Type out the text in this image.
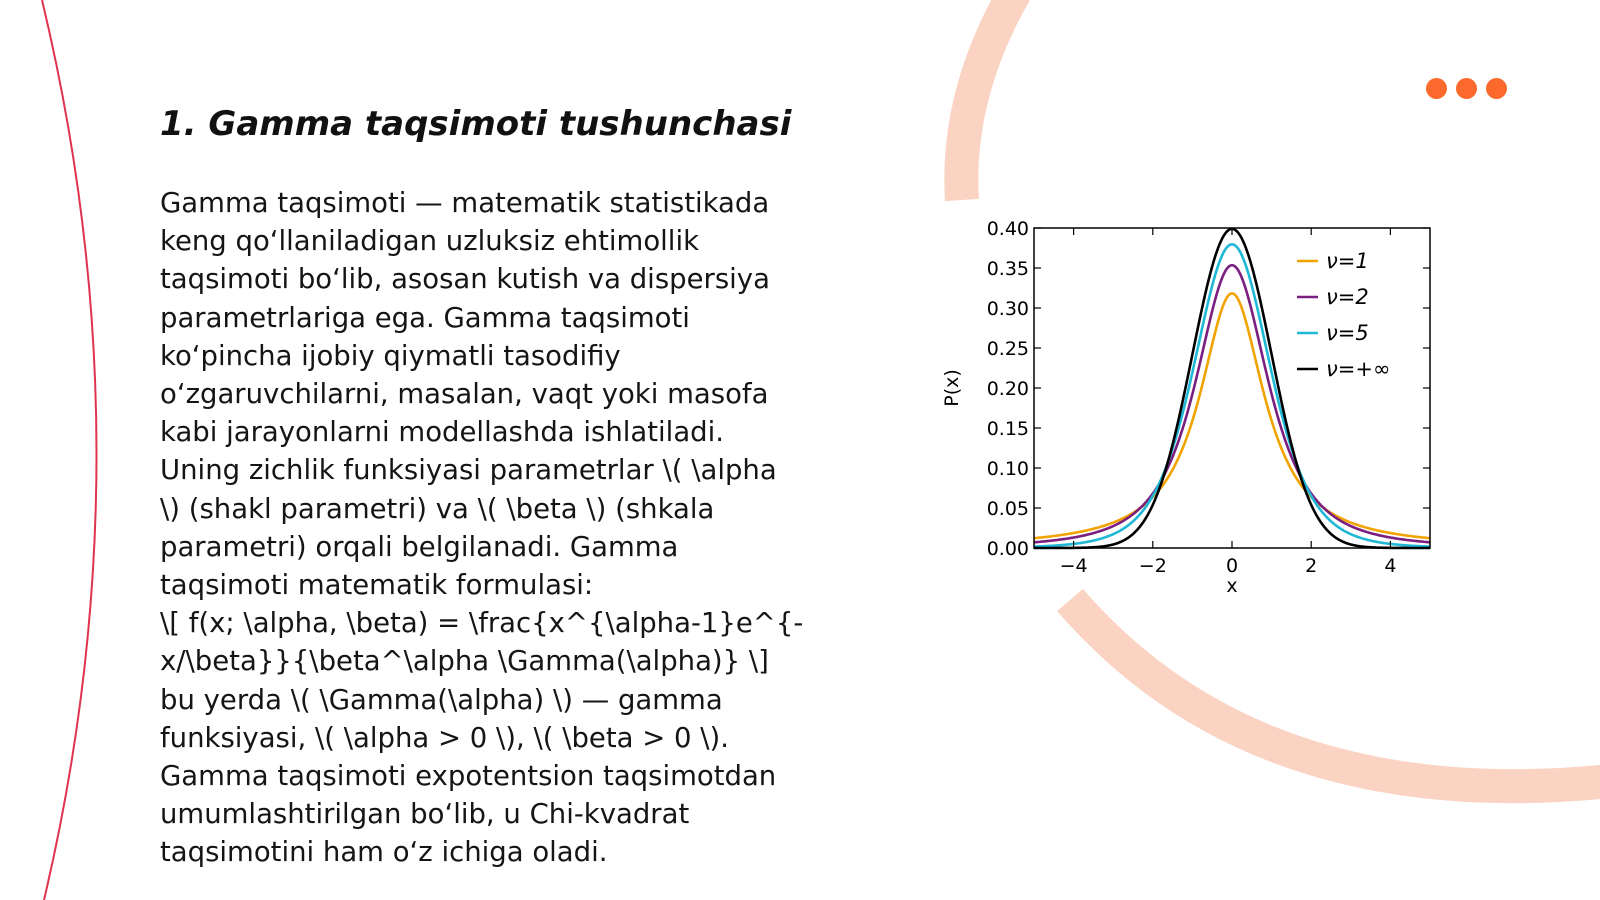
1. Gamma taqsimoti tushunchasi
Gamma taqsimoti — matematik statistikada
keng qo‘llaniladigan uzluksiz ehtimollik
taqsimoti bo‘lib, asosan kutish va dispersiya
parametrlariga ega. Gamma taqsimoti
ko‘pincha ijobiy qiymatli tasodifiy
o‘zgaruvchilarni, masalan, vaqt yoki masofa
kabi jarayonlarni modellashda ishlatiladi.
Uning zichlik funksiyasi parametrlar \( \alpha
\) (shakl parametri) va \( \beta \) (shkala
parametri) orqali belgilanadi. Gamma
taqsimoti matematik formulasi:
\[ f(x; \alpha, \beta) = \frac{x^{\alpha-1}e^{-
x/\beta}}{\beta^\alpha \Gamma(\alpha)} \]
bu yerda \( \Gamma(\alpha) \) — gamma
funksiyasi, \( \alpha > 0 \), \( \beta > 0 \).
Gamma taqsimoti expotentsion taqsimotdan
umumlashtirilgan bo‘lib, u Chi-kvadrat
taqsimotini ham o‘z ichiga oladi.
0.00
0.05
0.10
0.15
0.20
0.25
0.30
0.35
0.40
−4	−2	0	2	4
x
P(x)
ν=1
ν=2
ν=5
ν=+∞
